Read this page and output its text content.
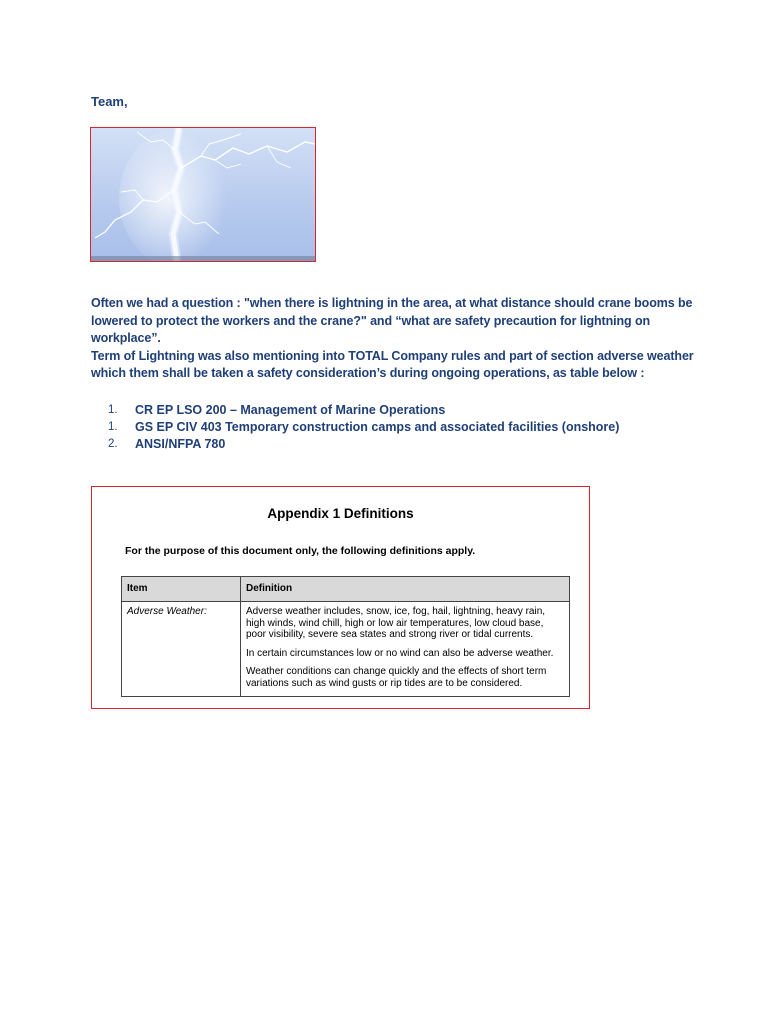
Team,

Often we had a question : "when there is lightning in the area, at what distance should crane booms be lowered to protect the workers and the crane?" and “what are safety precaution for lightning on workplace”.

Term of Lightning was also mentioning into TOTAL Company rules and part of section adverse weather which them shall be taken a safety consideration’s during ongoing operations, as table below :

1. CR EP LSO 200 – Management of Marine Operations
1. GS EP CIV 403 Temporary construction camps and associated facilities (onshore)
2. ANSI/NFPA 780
Appendix 1 Definitions
For the purpose of this document only, the following definitions apply.
Item	Definition
Adverse Weather:	Adverse weather includes, snow, ice, fog, hail, lightning, heavy rain, high winds, wind chill, high or low air temperatures, low cloud base, poor visibility, severe sea states and strong river or tidal currents.

In certain circumstances low or no wind can also be adverse weather.

Weather conditions can change quickly and the effects of short term variations such as wind gusts or rip tides are to be considered.
